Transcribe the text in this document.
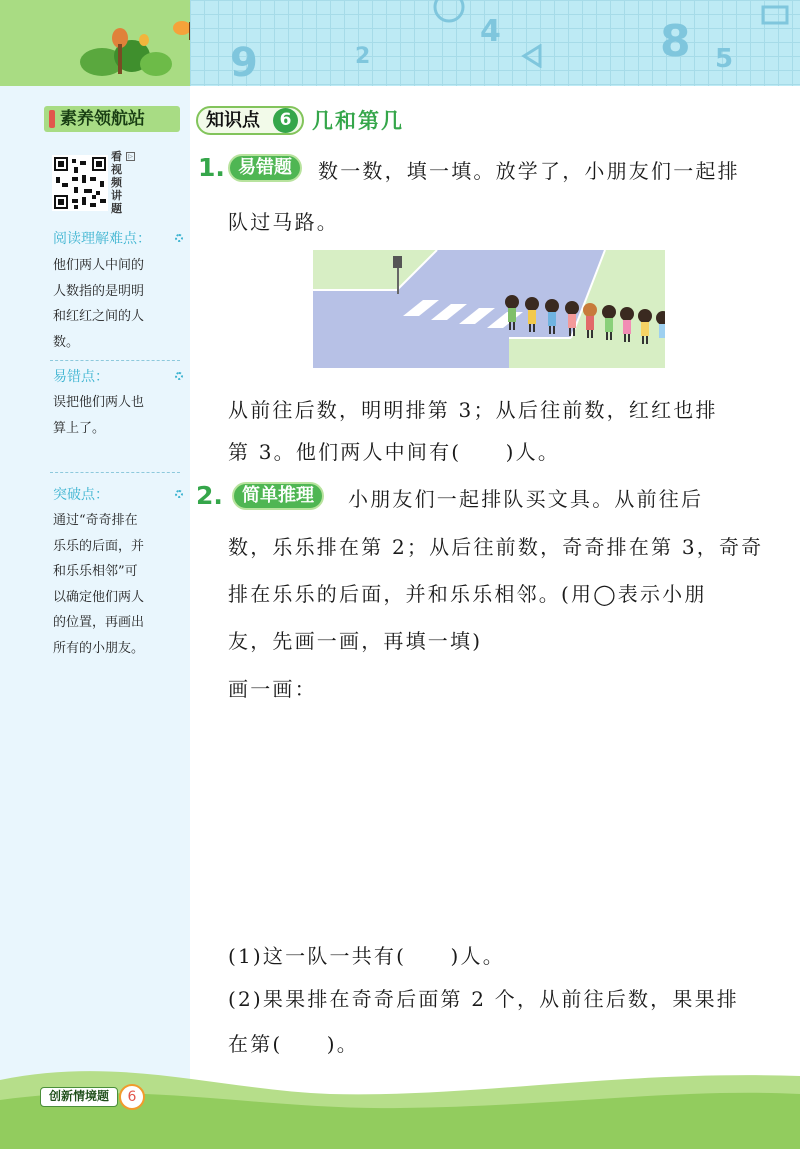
9	2
4	8 5
素养领航站
看视频讲题
▷
阅读理解难点：
他们两人中间的
人数指的是明明
和红红之间的人
数。
易错点：
误把他们两人也
算上了。
突破点：
通过“奇奇排在
乐乐的后面，并
和乐乐相邻”可
以确定他们两人
的位置，再画出
所有的小朋友。
知识点	6 几和第几
1. 易错题	数一数，填一填。放学了，小朋友们一起排
队过马路。
从前往后数，明明排第 3；从后往前数，红红也排
第 3。他们两人中间有(　　)人。
2.	简单推理	小朋友们一起排队买文具。从前往后
数，乐乐排在第 2；从后往前数，奇奇排在第 3，奇奇
排在乐乐的后面，并和乐乐相邻。(用◯表示小朋
友，先画一画，再填一填)
画一画：
(1)这一队一共有(　　)人。
(2)果果排在奇奇后面第 2 个，从前往后数，果果排
在第(　　)。
创新情境题	6
